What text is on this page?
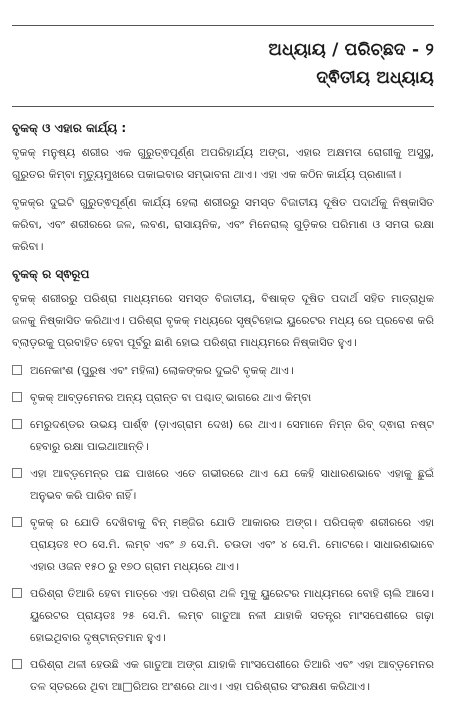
ଅଧ୍ୟାୟ / ପରିଚ୍ଛଦ - ୨
ଦ୍ଵିତୀୟ ଅଧ୍ୟାୟ
ବୃକକ୍ ଓ ଏହାର କାର୍ଯ୍ୟ :

ବୃକକ୍ ମନୁଷ୍ୟ ଶରୀର ଏକ ଗୁରୁତ୍ଵପୂର୍ଣ୍ଣ ଅପରିହାର୍ଯ୍ୟ ଅଙ୍ଗ, ଏହାର ଅକ୍ଷମତା ରୋଗୀକୁ ଅସୁସ୍ଥ, ଗୁରୁତର କିମ୍ବା ମୃତ୍ୟୁମୁଖରେ ପକାଇବାର ସମ୍ଭାବନା ଥାଏ। ଏହା ଏକ କଠିନ କାର୍ଯ୍ୟ ପ୍ରଣାଳୀ।

ବୃକକ୍‌ର ଦୁଇଟି ଗୁରୁତ୍ଵପୂର୍ଣ୍ଣ କାର୍ଯ୍ୟ ହେଲା ଶରୀରରୁ ସମସ୍ତ ବିଜାତୀୟ ଦୂଷିତ ପଦାର୍ଥକୁ ନିଷ୍କାସିତ କରିବା, ଏବଂ ଶରୀରରେ ଜଳ, ଲବଣ, ରାସାୟନିକ, ଏବଂ ମିନେରାଲ୍ ଗୁଡ଼ିକର ପରିମାଣ ଓ ସମତା ରକ୍ଷା କରିବା।

ବୃକକ୍ ର ସ୍ଵରୂପ

ବୃକକ୍ ଶରୀରରୁ ପରିଶ୍ରା ମାଧ୍ୟମରେ ସମସ୍ତ ବିଜାତୀୟ, ବିଷାକ୍ତ ଦୂଷିତ ପଦାର୍ଥ ସହିତ ମାତ୍ରାଧିକ ଜଳକୁ ନିଷ୍କାସିତ କରିଥାଏ। ପରିଶ୍ରା ବୃକକ୍ ମଧ୍ୟରେ ସୃଷ୍ଟିହୋଇ ୟୁରେଟର ମଧ୍ୟ ରେ ପ୍ରବେଶ କରି ବ୍ଲାଡ଼ରକୁ ପ୍ରବାହିତ ହେବା ପୂର୍ବରୁ ଛାଣି ହୋଇ ପରିଶ୍ରା ମାଧ୍ୟମରେ ନିଷ୍କାସିତ ହୁଏ।

ଅନେକାଂଶ (ପୁରୁଷ ଏବଂ ମହିଳା) ଲୋକଙ୍କର ଦୁଇଟି ବୃକକ୍ ଥାଏ।
ବୃକକ୍ ଆବ୍ଡ଼ମେନର ଅନ୍ୟ ପ୍ରାନ୍ତ ବା ପଶ୍ଚାତ୍ ଭାଗରେ ଥାଏ କିମ୍ବା
ମେରୁଦଣ୍ଡର ଉଭୟ ପାର୍ଶ୍ଵ (ଡ଼ାଏଗ୍ରାମ ଦେଖ) ରେ ଥାଏ। ସେମାନେ ନିମ୍ନ ରିବ୍ ଦ୍ଵାରା ନଷ୍ଟ ହେବାରୁ ରକ୍ଷା ପାଇଥାଆନ୍ତି।
ଏହା ଆବ୍ଡ଼ମେନ୍‌ର ପଛ ପାଖରେ ଏତେ ଗଭୀରରେ ଥାଏ ଯେ କେହି ସାଧାରଣଭାବେ ଏହାକୁ ଛୁଇଁ ଅନୁଭବ କରି ପାରିବ ନାହିଁ।
ବୃକକ୍ ର ଯୋଡି ଦେଖିବାକୁ ବିନ୍ ମଞ୍ଜିର ଯୋଡି ଆକାରର ଅଙ୍ଗ। ପରିପକ୍ଵ ଶରୀରରେ ଏହା ପ୍ରାୟତଃ ୧୦ ସେ.ମି. ଲମ୍ବ ଏବଂ ୬ ସେ.ମି. ଚଉଡା ଏବଂ ୪ ସେ.ମି. ମୋଟରେ। ସାଧାରଣଭାବେ ଏହାର ଓଜନ ୧୫୦ ରୁ ୧୭୦ ଗ୍ରାମ ମଧ୍ୟରେ ଥାଏ।
ପରିଶ୍ରା ତିଆରି ହେବା ମାତ୍ରେ ଏହା ପରିଶ୍ରା ଥଳି ମୁକୁ ୟୁରେଟର ମାଧ୍ୟମରେ ବୋହି ଚାଲି ଆସେ। ୟୁରେଟର ପ୍ରାୟତଃ ୨୫ ସେ.ମି. ଲମ୍ବ ଗାତୁଆ ନଳୀ ଯାହାକି ସତନ୍ତ୍ର ମାଂସପେଶୀରେ ଗଢ଼ା ହୋଇଥିବାର ଦୃଷ୍ଟାନ୍ତମାନ ହୁଏ।
ପରିଶ୍ରା ଥଳୀ ହେଉଛି ଏକ ଗାତୁଆ ଅଙ୍ଗ ଯାହାକି ମାଂସପେଶୀରେ ତିଆରି ଏବଂ ଏହା ଆବ୍ଡ଼ମେନର ତଳ ସ୍ତରରେ ଥିବା ଆ□ରିଅର ଅଂଶରେ ଥାଏ। ଏହା ପରିଶ୍ରାର ସଂରକ୍ଷଣ କରିଥାଏ।
